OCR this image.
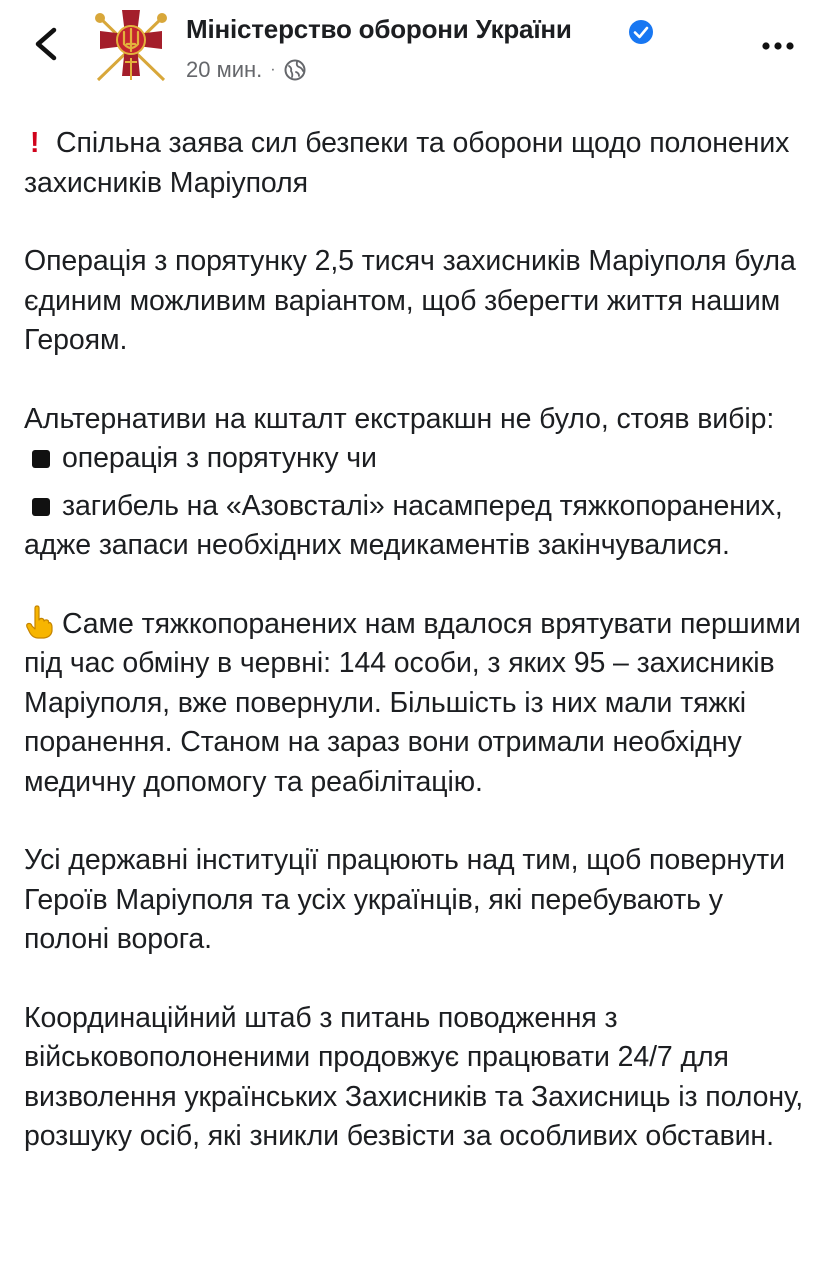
Міністерство оборони України
20 мин. ·

! Спільна заява сил безпеки та оборони щодо полонених захисників Маріуполя

Операція з порятунку 2,5 тисяч захисників Маріуполя була єдиним можливим варіантом, щоб зберегти життя нашим Героям.

Альтернативи на кшталт екстракшн не було, стояв вибір:

операція з порятунку чи

загибель на «Азовсталі» насамперед тяжкопоранених, адже запаси необхідних медикаментів закінчувалися.

Саме тяжкопоранених нам вдалося врятувати першими під час обміну в червні: 144 особи, з яких 95 – захисників Маріуполя, вже повернули. Більшість із них мали тяжкі поранення. Станом на зараз вони отримали необхідну медичну допомогу та реабілітацію.

Усі державні інституції працюють над тим, щоб повернути Героїв Маріуполя та усіх українців, які перебувають у полоні ворога.

Координаційний штаб з питань поводження з військовополоненими продовжує працювати 24/7 для визволення українських Захисників та Захисниць із полону, розшуку осіб, які зникли безвісти за особливих обставин.
